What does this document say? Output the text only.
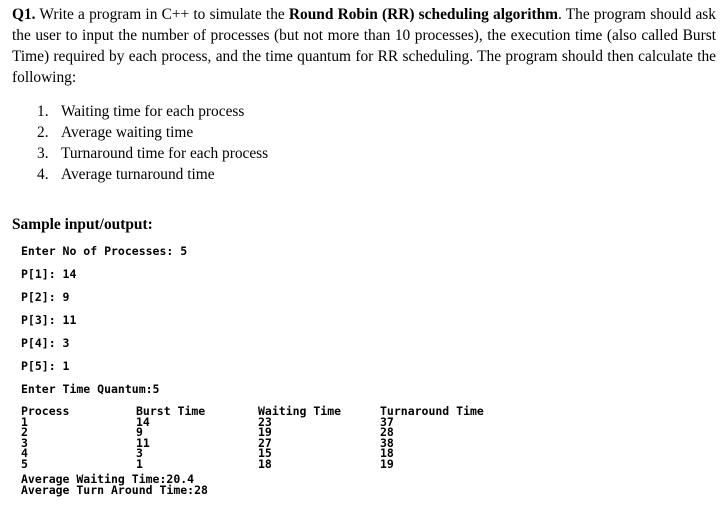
Q1. Write a program in C++ to simulate the Round Robin (RR) scheduling algorithm. The program should ask the user to input the number of processes (but not more than 10 processes), the execution time (also called Burst Time) required by each process, and the time quantum for RR scheduling. The program should then calculate the following:
1. Waiting time for each process
2. Average waiting time
3. Turnaround time for each process
4. Average turnaround time
Sample input/output:
Enter No of Processes: 5
P[1]: 14
P[2]: 9
P[3]: 11
P[4]: 3
P[5]: 1
Enter Time Quantum:5
Process
1
2
3
4
5
Burst Time
14
9
11
3
1
Waiting Time
23
19
27
15
18
Turnaround Time
37
28
38
18
19
Average Waiting Time:20.4
Average Turn Around Time:28
